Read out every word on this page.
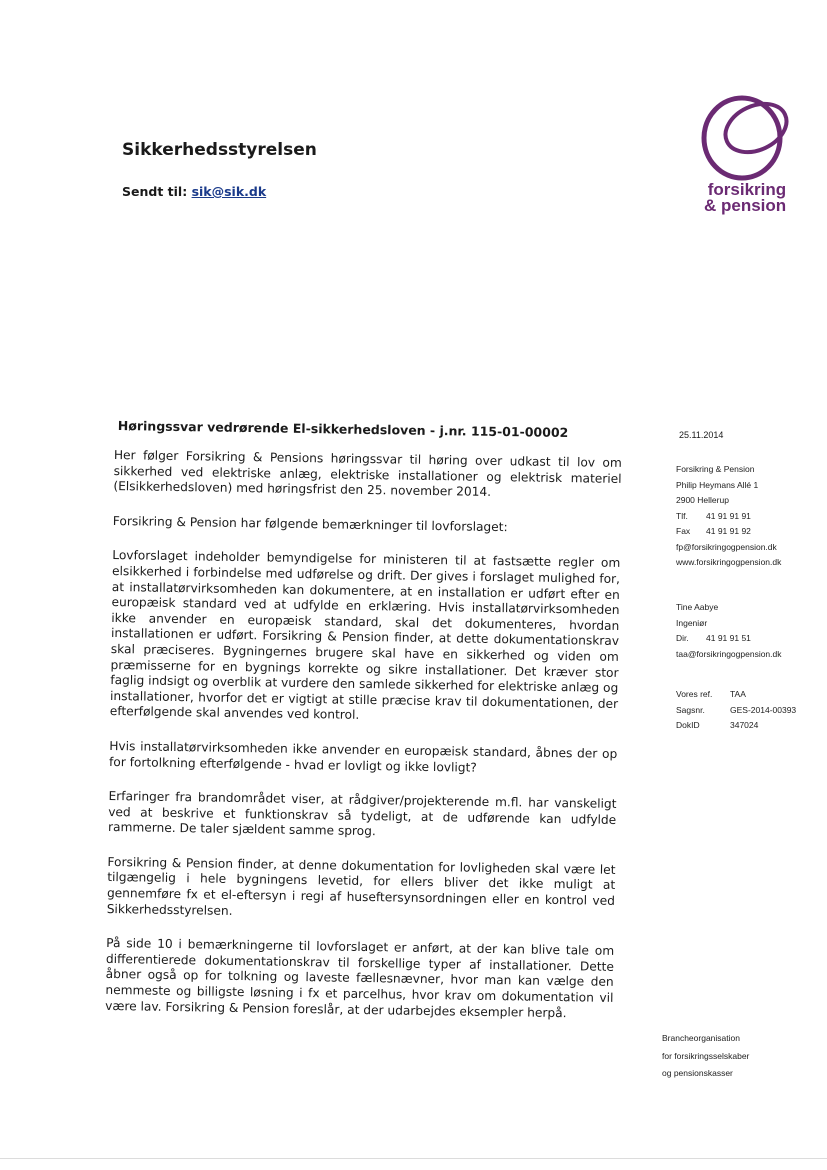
Sikkerhedsstyrelsen
Sendt til: sik@sik.dk	forsikring
& pension
Høringssvar vedrørende El-sikkerhedsloven - j.nr. 115-01-00002

Her følger Forsikring & Pensions høringssvar til høring over udkast til lov om sikkerhed ved elektriske anlæg, elektriske installationer og elektrisk materiel (Elsikkerhedsloven) med høringsfrist den 25. november 2014.

Forsikring & Pension har følgende bemærkninger til lovforslaget:

Lovforslaget indeholder bemyndigelse for ministeren til at fastsætte regler om elsikkerhed i forbindelse med udførelse og drift. Der gives i forslaget mulighed for, at installatørvirksomheden kan dokumentere, at en installation er udført efter en europæisk standard ved at udfylde en erklæring. Hvis installatørvirksomheden ikke anvender en europæisk standard, skal det dokumenteres, hvordan installationen er udført. Forsikring & Pension finder, at dette dokumentationskrav skal præciseres. Bygningernes brugere skal have en sikkerhed og viden om præmisserne for en bygnings korrekte og sikre installationer. Det kræver stor faglig indsigt og overblik at vurdere den samlede sikkerhed for elektriske anlæg og installationer, hvorfor det er vigtigt at stille præcise krav til dokumentationen, der efterfølgende skal anvendes ved kontrol.

Hvis installatørvirksomheden ikke anvender en europæisk standard, åbnes der op for fortolkning efterfølgende - hvad er lovligt og ikke lovligt?

Erfaringer fra brandområdet viser, at rådgiver/projekterende m.fl. har vanskeligt ved at beskrive et funktionskrav så tydeligt, at de udførende kan udfylde rammerne. De taler sjældent samme sprog.

Forsikring & Pension finder, at denne dokumentation for lovligheden skal være let tilgængelig i hele bygningens levetid, for ellers bliver det ikke muligt at gennemføre fx et el-eftersyn i regi af huseftersynsordningen eller en kontrol ved Sikkerhedsstyrelsen.

På side 10 i bemærkningerne til lovforslaget er anført, at der kan blive tale om differentierede dokumentationskrav til forskellige typer af installationer. Dette åbner også op for tolkning og laveste fællesnævner, hvor man kan vælge den nemmeste og billigste løsning i fx et parcelhus, hvor krav om dokumentation vil være lav. Forsikring & Pension foreslår, at der udarbejdes eksempler herpå.

25.11.2014
Forsikring & Pension
Philip Heymans Allé 1
2900 Hellerup
Tlf. 41 91 91 91
Fax 41 91 91 92
fp@forsikringogpension.dk
www.forsikringogpension.dk
Tine Aabye
Ingeniør
Dir. 41 91 91 51
taa@forsikringogpension.dk
Vores ref. TAA
Sagsnr.	GES-2014-00393
DokID	347024
Brancheorganisation
for forsikringsselskaber
og pensionskasser
